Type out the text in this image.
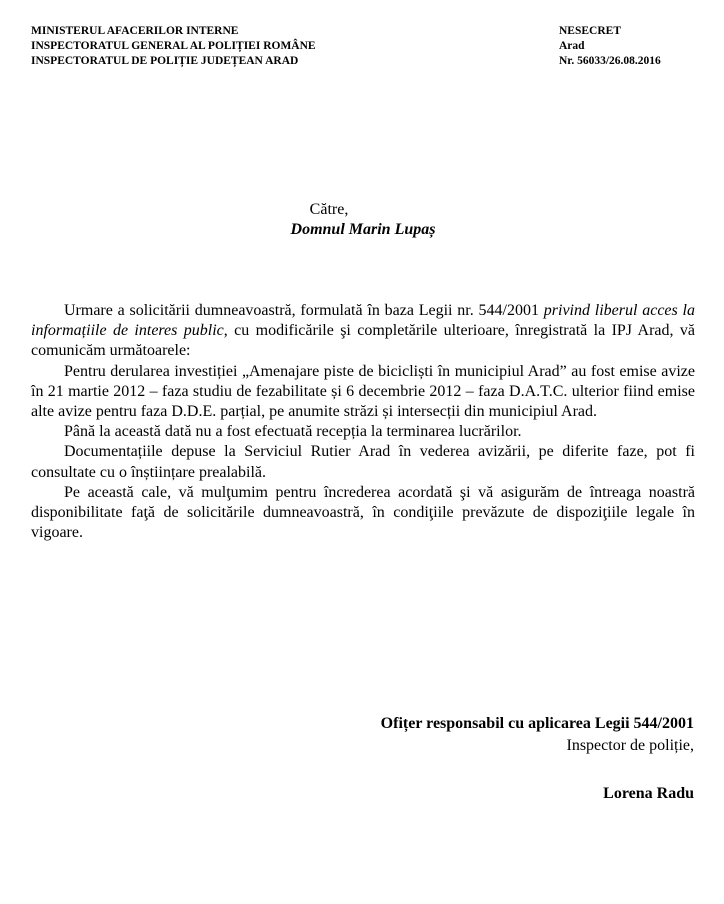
MINISTERUL AFACERILOR INTERNE
INSPECTORATUL GENERAL AL POLIȚIEI ROMÂNE
INSPECTORATUL DE POLIȚIE JUDEȚEAN ARAD
NESECRET
Arad
Nr. 56033/26.08.2016
Către,
Domnul Marin Lupaș

Urmare a solicitării dumneavoastră, formulată în baza Legii nr. 544/2001 privind liberul acces la informațiile de interes public, cu modificările şi completările ulterioare, înregistrată la IPJ Arad, vă comunicăm următoarele:

Pentru derularea investiției „Amenajare piste de bicicliști în municipiul Arad” au fost emise avize în 21 martie 2012 – faza studiu de fezabilitate și 6 decembrie 2012 – faza D.A.T.C. ulterior fiind emise alte avize pentru faza D.D.E. parțial, pe anumite străzi și intersecții din municipiul Arad.

Până la această dată nu a fost efectuată recepția la terminarea lucrărilor.

Documentațiile depuse la Serviciul Rutier Arad în vederea avizării, pe diferite faze, pot fi consultate cu o înștiințare prealabilă.

Pe această cale, vă mulţumim pentru încrederea acordată şi vă asigurăm de întreaga noastră disponibilitate faţă de solicitările dumneavoastră, în condiţiile prevăzute de dispoziţiile legale în vigoare.

Ofițer responsabil cu aplicarea Legii 544/2001
Inspector de poliție,
Lorena Radu
